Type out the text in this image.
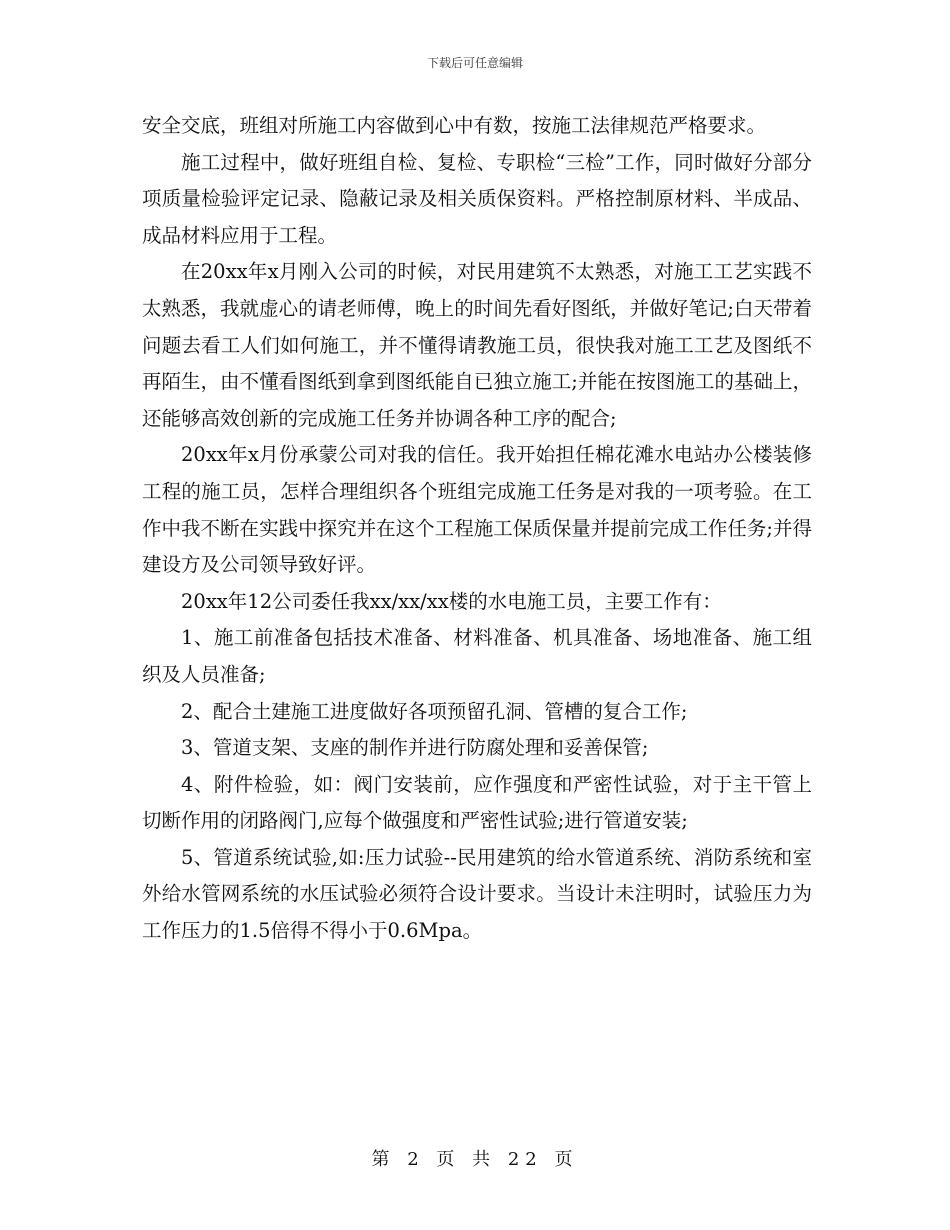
下载后可任意编辑

安全交底，班组对所施工内容做到心中有数，按施工法律规范严格要求。

施工过程中，做好班组自检、复检、专职检“三检”工作，同时做好分部分项质量检验评定记录、隐蔽记录及相关质保资料。严格控制原材料、半成品、成品材料应用于工程。

在20xx年x月刚入公司的时候，对民用建筑不太熟悉，对施工工艺实践不太熟悉，我就虚心的请老师傅，晚上的时间先看好图纸，并做好笔记;白天带着问题去看工人们如何施工，并不懂得请教施工员，很快我对施工工艺及图纸不再陌生，由不懂看图纸到拿到图纸能自已独立施工;并能在按图施工的基础上，还能够高效创新的完成施工任务并协调各种工序的配合;

20xx年x月份承蒙公司对我的信任。我开始担任棉花滩水电站办公楼装修工程的施工员，怎样合理组织各个班组完成施工任务是对我的一项考验。在工作中我不断在实践中探究并在这个工程施工保质保量并提前完成工作任务;并得建设方及公司领导致好评。

20xx年12公司委任我xx/xx/xx楼的水电施工员，主要工作有：

1、施工前准备包括技术准备、材料准备、机具准备、场地准备、施工组织及人员准备;

2、配合土建施工进度做好各项预留孔洞、管槽的复合工作;

3、管道支架、支座的制作并进行防腐处理和妥善保管;

4、附件检验，如：阀门安装前，应作强度和严密性试验，对于主干管上切断作用的闭路阀门,应每个做强度和严密性试验;进行管道安装;

5、管道系统试验,如:压力试验--民用建筑的给水管道系统、消防系统和室外给水管网系统的水压试验必须符合设计要求。当设计未注明时，试验压力为工作压力的1.5倍得不得小于0.6Mpa。

第 2 页 共 22 页
